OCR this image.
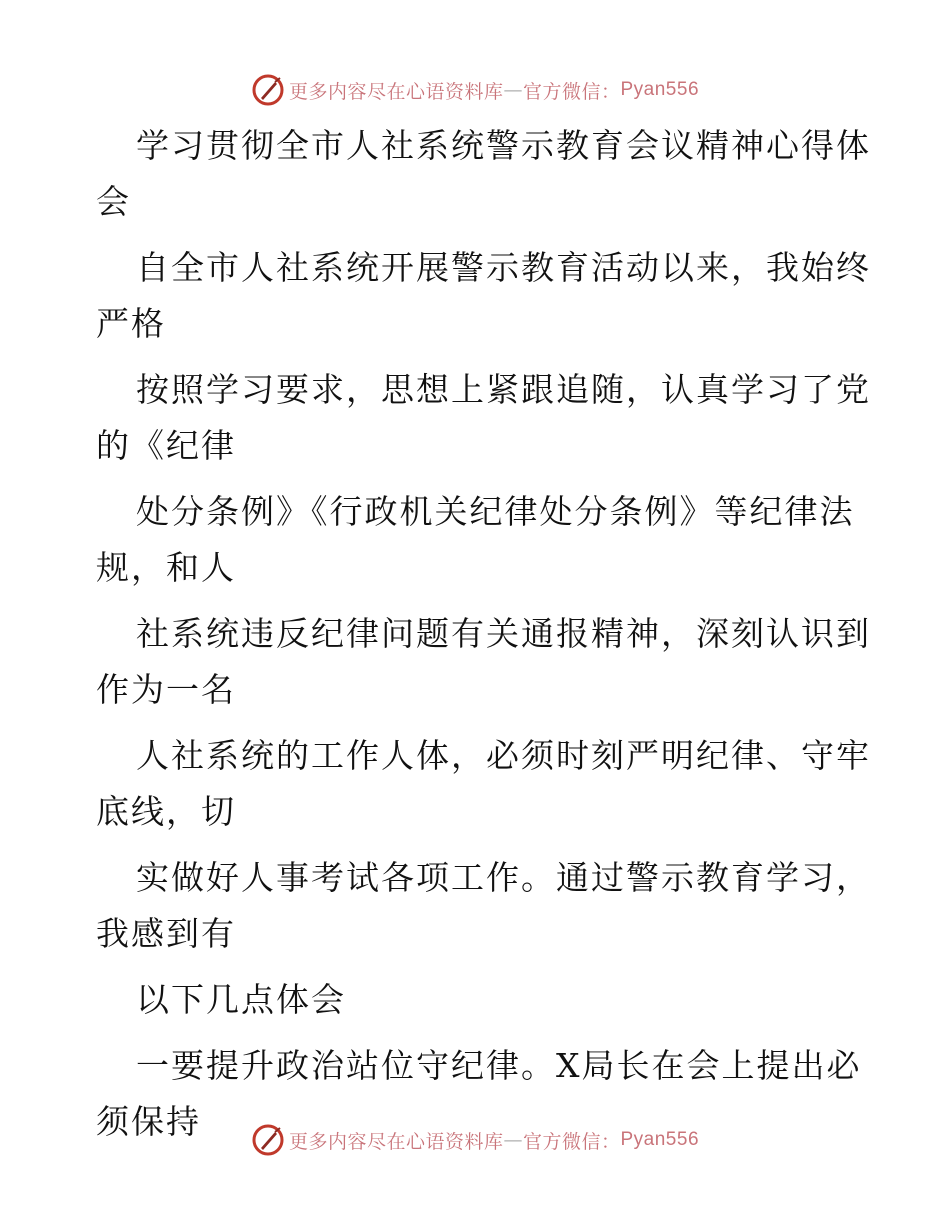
更多内容尽在心语资料库 — 官方微信： Pyan556
学习贯彻全市人社系统警示教育会议精神心得体
会
自全市人社系统开展警示教育活动以来，我始终
严格
按照学习要求，思想上紧跟追随，认真学习了党
的《纪律
处分条例》《行政机关纪律处分条例》等纪律法
规，和人
社系统违反纪律问题有关通报精神，深刻认识到
作为一名
人社系统的工作人体，必须时刻严明纪律、守牢
底线，切
实做好人事考试各项工作。通过警示教育学习，
我感到有
以下几点体会
一要提升政治站位守纪律。X局长在会上提出必
须保持
更多内容尽在心语资料库 — 官方微信： Pyan556
